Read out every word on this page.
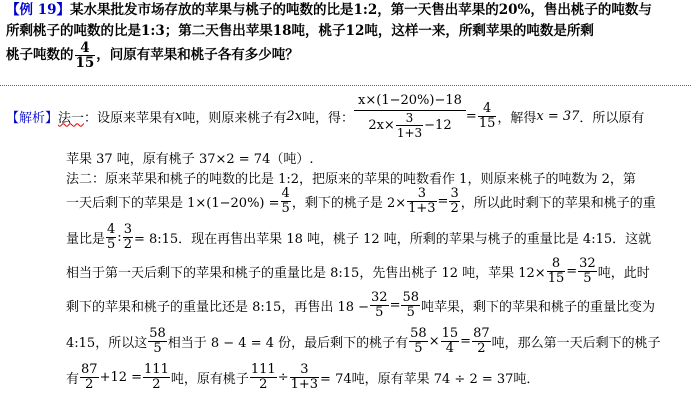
【例 19】某水果批发市场存放的苹果与桃子的吨数的比是1:2，第一天售出苹果的20%，售出桃子的吨数与
所剩桃子的吨数的比是1:3；第二天售出苹果18吨，桃子12吨，这样一来，所剩苹果的吨数是所剩
桃子吨数的 $\frac{4}{15}$ ，问原有苹果和桃子各有多少吨？
【解析】 法一 ：设原来苹果有 x 吨，则原来桃子有 2x 吨，得： $\frac{x\times(1-20\%)-18}{2x\times \frac{3}{1+3} -12} = \frac{4}{15}$ ，解得 x = 37 ．所以原有
苹果 37 吨，原有桃子 37×2 = 74（吨）.
法二：原来苹果和桃子的吨数的比是 1:2，把原来的苹果的吨数看作 1，则原来桃子的吨数为 2，第
一天后剩下的苹果是 $1\times(1-20\%) = \frac{4}{5}$ ，剩下的桃子是 $2\times \frac{3}{1+3} = \frac{3}{2}$ ，所以此时剩下的苹果和桃子的重
量比是 $\frac{4}{5}$ : $\frac{3}{2}$ = 8:15．现在再售出苹果 18 吨，桃子 12 吨，所剩的苹果与桃子的重量比是 4:15．这就
相当于第一天后剩下的苹果和桃子的重量比是 8:15，先售出桃子 12 吨，苹果 $12\times \frac{8}{15} = \frac{32}{5}$ 吨，此时
剩下的苹果和桃子的重量比还是 8:15，再售出 $18 - \frac{32}{5} = \frac{58}{5}$ 吨苹果，剩下的苹果和桃子的重量比变为
4:15，所以这 $\frac{58}{5}$ 相当于 8 − 4 = 4 份，最后剩下的桃子有 $\frac{58}{5} \times \frac{15}{4} = \frac{87}{2}$ 吨，那么第一天后剩下的桃子
有 $\frac{87}{2} +12 = \frac{111}{2}$ 吨，原有桃子 $\frac{111}{2} \div \frac{3}{1+3} = 74$吨，原有苹果 74 ÷ 2 = 37吨．
